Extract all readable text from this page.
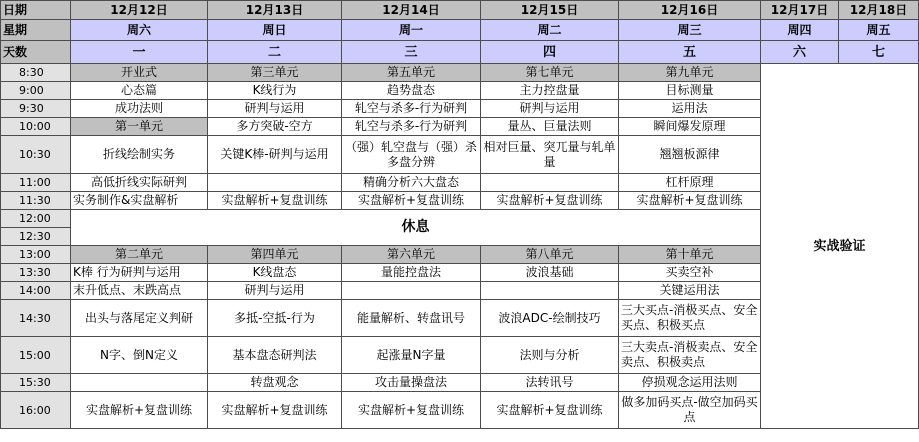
日期	12月12日	12月13日	12月14日	12月15日	12月16日	12月17日	12月18日
星期	周六	周日	周一	周二	周三	周四	周五
天数	一	二	三	四	五	六	七
8:30	开业式	第三单元	第五单元	第七单元	第九单元	实战验证	
9:00	心态篇	K线行为	趋势盘态	主力控盘量	目标测量		
9:30	成功法则	研判与运用	轧空与杀多-行为研判	研判与运用	运用法		
10:00	第一单元	多方突破-空方	轧空与杀多-行为研判	量丛、巨量法则	瞬间爆发原理		
10:30	折线绘制实务	关键K棒-研判与运用	（强）轧空盘与（强）杀多盘分辨	相对巨量、突兀量与轧单量	翘翘板源律		
11:00	高低折线实际研判		精确分析六大盘态		杠杆原理		
11:30	实务制作&实盘解析	实盘解析+复盘训练	实盘解析+复盘训练	实盘解析+复盘训练	实盘解析+复盘训练		
12:00	休息						
12:30							
13:00	第二单元	第四单元	第六单元	第八单元	第十单元		
13:30	K棒 行为研判与运用	K线盘态	量能控盘法	波浪基础	买卖空补		
14:00	末升低点、末跌高点	研判与运用			关键运用法		
14:30	出头与落尾定义判研	多抵-空抵-行为	能量解析、转盘讯号	波浪ADC-绘制技巧	三大买点-消极买点、安全买点、积极买点		
15:00	N字、倒N定义	基本盘态研判法	起涨量N字量	法则与分析	三大卖点-消极卖点、安全卖点、积极卖点		
15:30		转盘观念	攻击量操盘法	法转讯号	停损观念运用法则		
16:00	实盘解析+复盘训练	实盘解析+复盘训练	实盘解析+复盘训练	实盘解析+复盘训练	做多加码买点-做空加码买点		
